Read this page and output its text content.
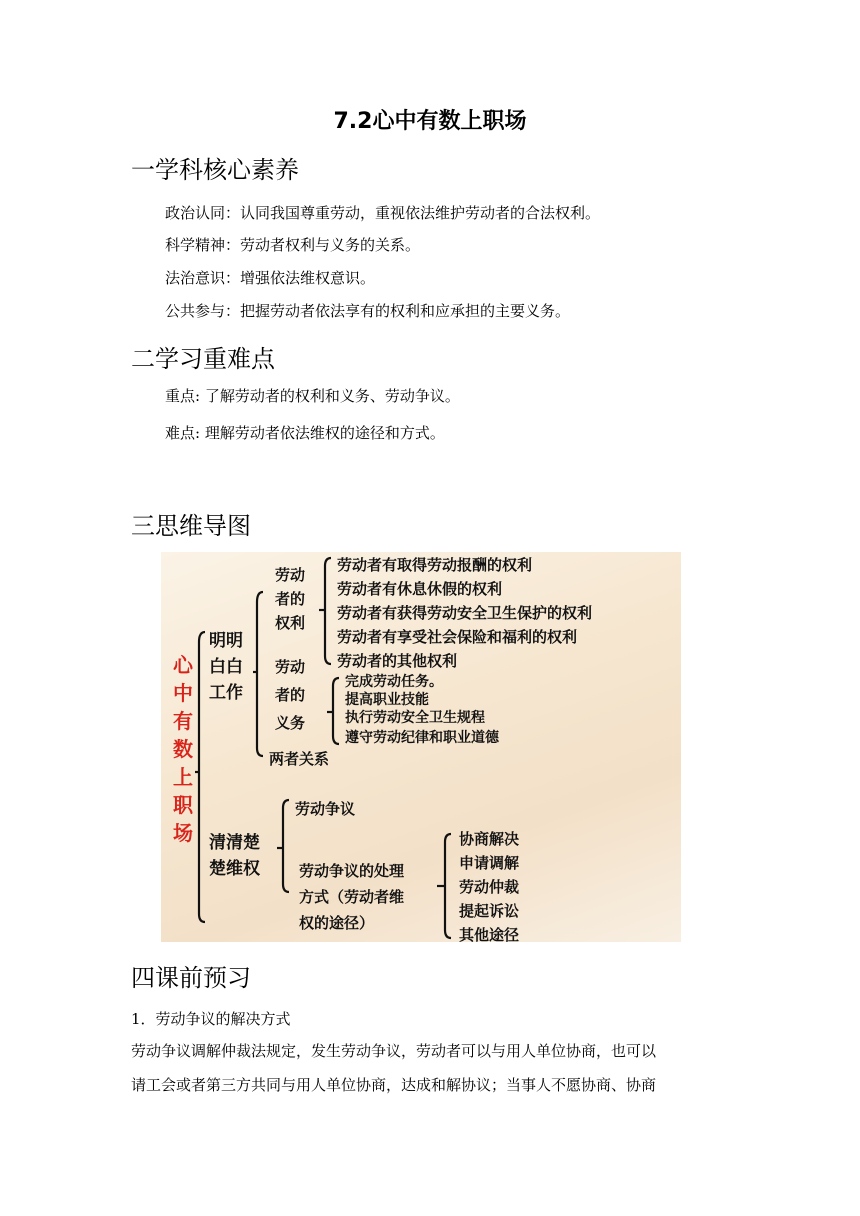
7.2心中有数上职场
一学科核心素养
政治认同：认同我国尊重劳动，重视依法维护劳动者的合法权利。
科学精神：劳动者权利与义务的关系。
法治意识：增强依法维权意识。
公共参与：把握劳动者依法享有的权利和应承担的主要义务。
二学习重难点
重点: 了解劳动者的权利和义务、劳动争议。
难点: 理解劳动者依法维权的途径和方式。
三思维导图
心
中
有
数
上
职
场
明明
白白
工作
劳动
者的
权利
劳动者有取得劳动报酬的权利
劳动者有休息休假的权利
劳动者有获得劳动安全卫生保护的权利
劳动者有享受社会保险和福利的权利
劳动者的其他权利
劳动
者的
义务
完成劳动任务。
提高职业技能
执行劳动安全卫生规程
遵守劳动纪律和职业道德
两者关系
清清楚
楚维权
劳动争议
劳动争议的处理
方式（劳动者维
权的途径）
协商解决
申请调解
劳动仲裁
提起诉讼
其他途径
四课前预习
1．劳动争议的解决方式
劳动争议调解仲裁法规定，发生劳动争议，劳动者可以与用人单位协商，也可以
请工会或者第三方共同与用人单位协商，达成和解协议；当事人不愿协商、协商
